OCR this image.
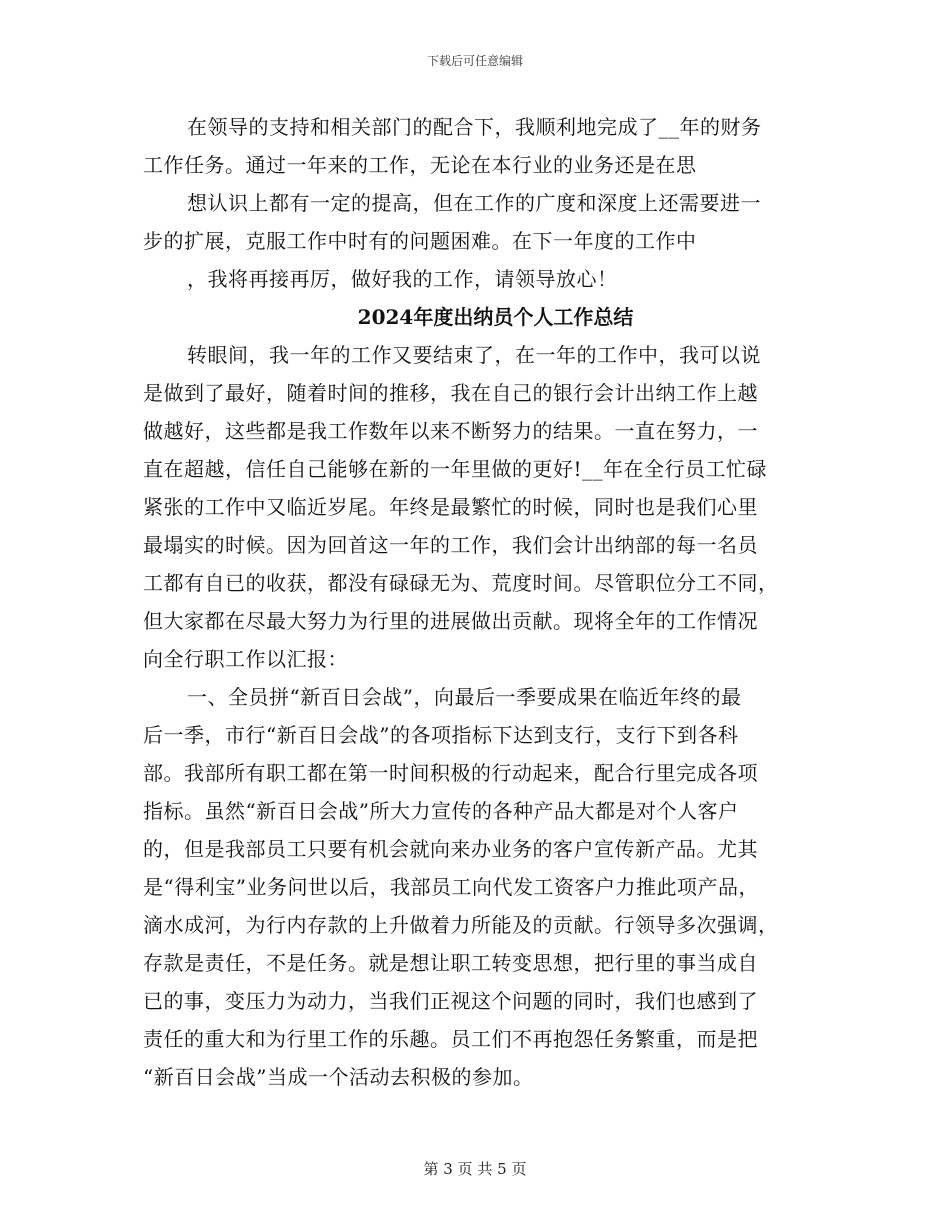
下载后可任意编辑
在领导的支持和相关部门的配合下，我顺利地完成了__年的财务
工作任务。通过一年来的工作，无论在本行业的业务还是在思
想认识上都有一定的提高，但在工作的广度和深度上还需要进一
步的扩展，克服工作中时有的问题困难。在下一年度的工作中
，我将再接再厉，做好我的工作，请领导放心！
2024年度出纳员个人工作总结
转眼间，我一年的工作又要结束了，在一年的工作中，我可以说
是做到了最好，随着时间的推移，我在自己的银行会计出纳工作上越
做越好，这些都是我工作数年以来不断努力的结果。一直在努力，一
直在超越，信任自己能够在新的一年里做的更好!__年在全行员工忙碌
紧张的工作中又临近岁尾。年终是最繁忙的时候，同时也是我们心里
最塌实的时候。因为回首这一年的工作，我们会计出纳部的每一名员
工都有自已的收获，都没有碌碌无为、荒度时间。尽管职位分工不同，
但大家都在尽最大努力为行里的进展做出贡献。现将全年的工作情况
向全行职工作以汇报：
一、全员拼“新百日会战”，向最后一季要成果在临近年终的最
后一季，市行“新百日会战”的各项指标下达到支行，支行下到各科
部。我部所有职工都在第一时间积极的行动起来，配合行里完成各项
指标。虽然“新百日会战”所大力宣传的各种产品大都是对个人客户
的，但是我部员工只要有机会就向来办业务的客户宣传新产品。尤其
是“得利宝”业务问世以后，我部员工向代发工资客户力推此项产品，
滴水成河，为行内存款的上升做着力所能及的贡献。行领导多次强调，
存款是责任，不是任务。就是想让职工转变思想，把行里的事当成自
已的事，变压力为动力，当我们正视这个问题的同时，我们也感到了
责任的重大和为行里工作的乐趣。员工们不再抱怨任务繁重，而是把
“新百日会战”当成一个活动去积极的参加。
第 3 页 共 5 页
